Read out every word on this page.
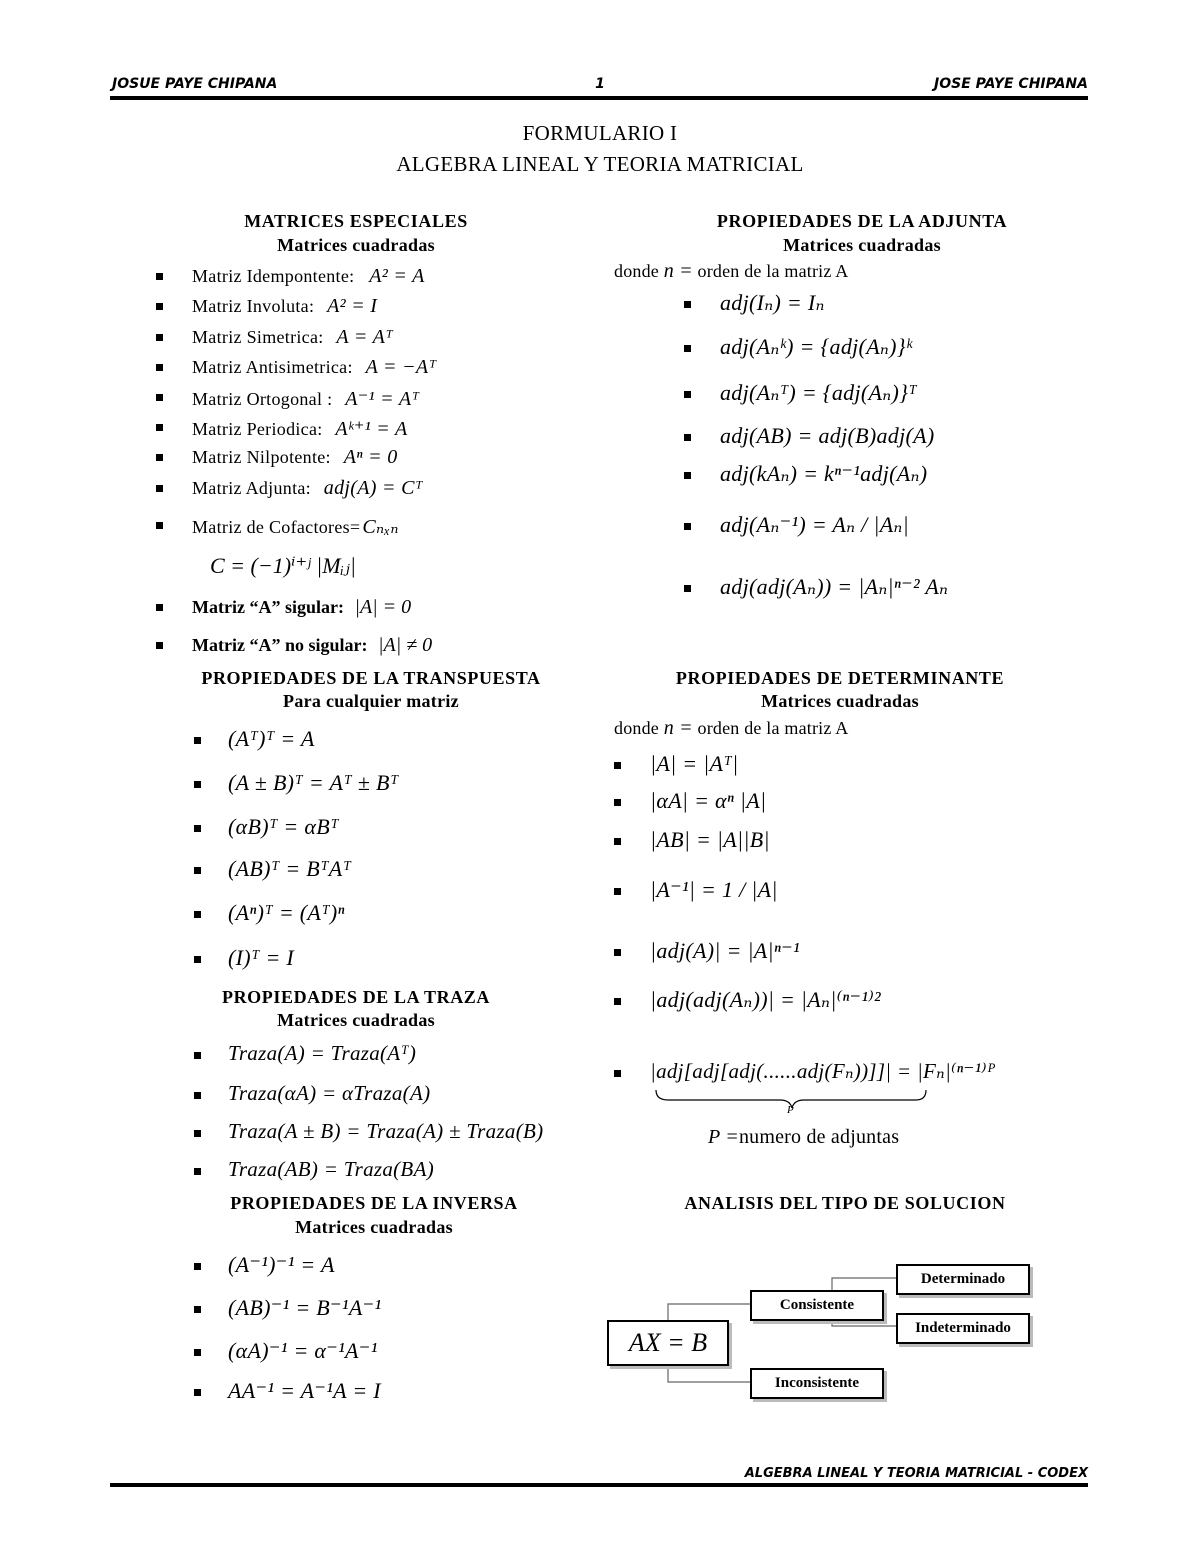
JOSUE PAYE CHIPANA	1	JOSE PAYE CHIPANA
FORMULARIO I
ALGEBRA LINEAL Y TEORIA MATRICIAL
MATRICES ESPECIALES
Matrices cuadradas
Matriz Idempontente: A² = A
Matriz Involuta: A² = I
Matriz Simetrica: A = Aᵀ
Matriz Antisimetrica: A = −Aᵀ
Matriz Ortogonal : A⁻¹ = Aᵀ
Matriz Periodica: Aᵏ⁺¹ = A
Matriz Nilpotente: Aⁿ = 0
Matriz Adjunta: adj(A) = Cᵀ
Matriz de Cofactores= Cₙₓₙ
C = (−1)ⁱ⁺ʲ |Mᵢⱼ|
Matriz “A” sigular: |A| = 0
Matriz “A” no sigular: |A| ≠ 0
PROPIEDADES DE LA TRANSPUESTA
Para cualquier matriz
(Aᵀ)ᵀ = A
(A ± B)ᵀ = Aᵀ ± Bᵀ
(αB)ᵀ = αBᵀ
(AB)ᵀ = BᵀAᵀ
(Aⁿ)ᵀ = (Aᵀ)ⁿ
(I)ᵀ = I
PROPIEDADES DE LA TRAZA
Matrices cuadradas
Traza(A) = Traza(Aᵀ)
Traza(αA) = αTraza(A)
Traza(A ± B) = Traza(A) ± Traza(B)
Traza(AB) = Traza(BA)
PROPIEDADES DE LA INVERSA
Matrices cuadradas
(A⁻¹)⁻¹ = A
(AB)⁻¹ = B⁻¹A⁻¹
(αA)⁻¹ = α⁻¹A⁻¹
AA⁻¹ = A⁻¹A = I
PROPIEDADES DE LA ADJUNTA
Matrices cuadradas
donde n = orden de la matriz A
adj(Iₙ) = Iₙ
adj(Aₙᵏ) = {adj(Aₙ)}ᵏ
adj(Aₙᵀ) = {adj(Aₙ)}ᵀ
adj(AB) = adj(B)adj(A)
adj(kAₙ) = kⁿ⁻¹adj(Aₙ)
adj(Aₙ⁻¹) = Aₙ / |Aₙ|
adj(adj(Aₙ)) = |Aₙ|ⁿ⁻² Aₙ
PROPIEDADES DE DETERMINANTE
Matrices cuadradas
donde n = orden de la matriz A
|A| = |Aᵀ|
|αA| = αⁿ |A|
|AB| = |A||B|
|A⁻¹| = 1 / |A|
|adj(A)| = |A|ⁿ⁻¹
|adj(adj(Aₙ))| = |Aₙ|⁽ⁿ⁻¹⁾²
|adj[adj[adj(......adj(Fₙ))]]| = |Fₙ|⁽ⁿ⁻¹⁾ᴾ
P
P =numero de adjuntas
ANALISIS DEL TIPO DE SOLUCION
AX = B
Consistente
Inconsistente
Determinado
Indeterminado
ALGEBRA LINEAL Y TEORIA MATRICIAL - CODEX
